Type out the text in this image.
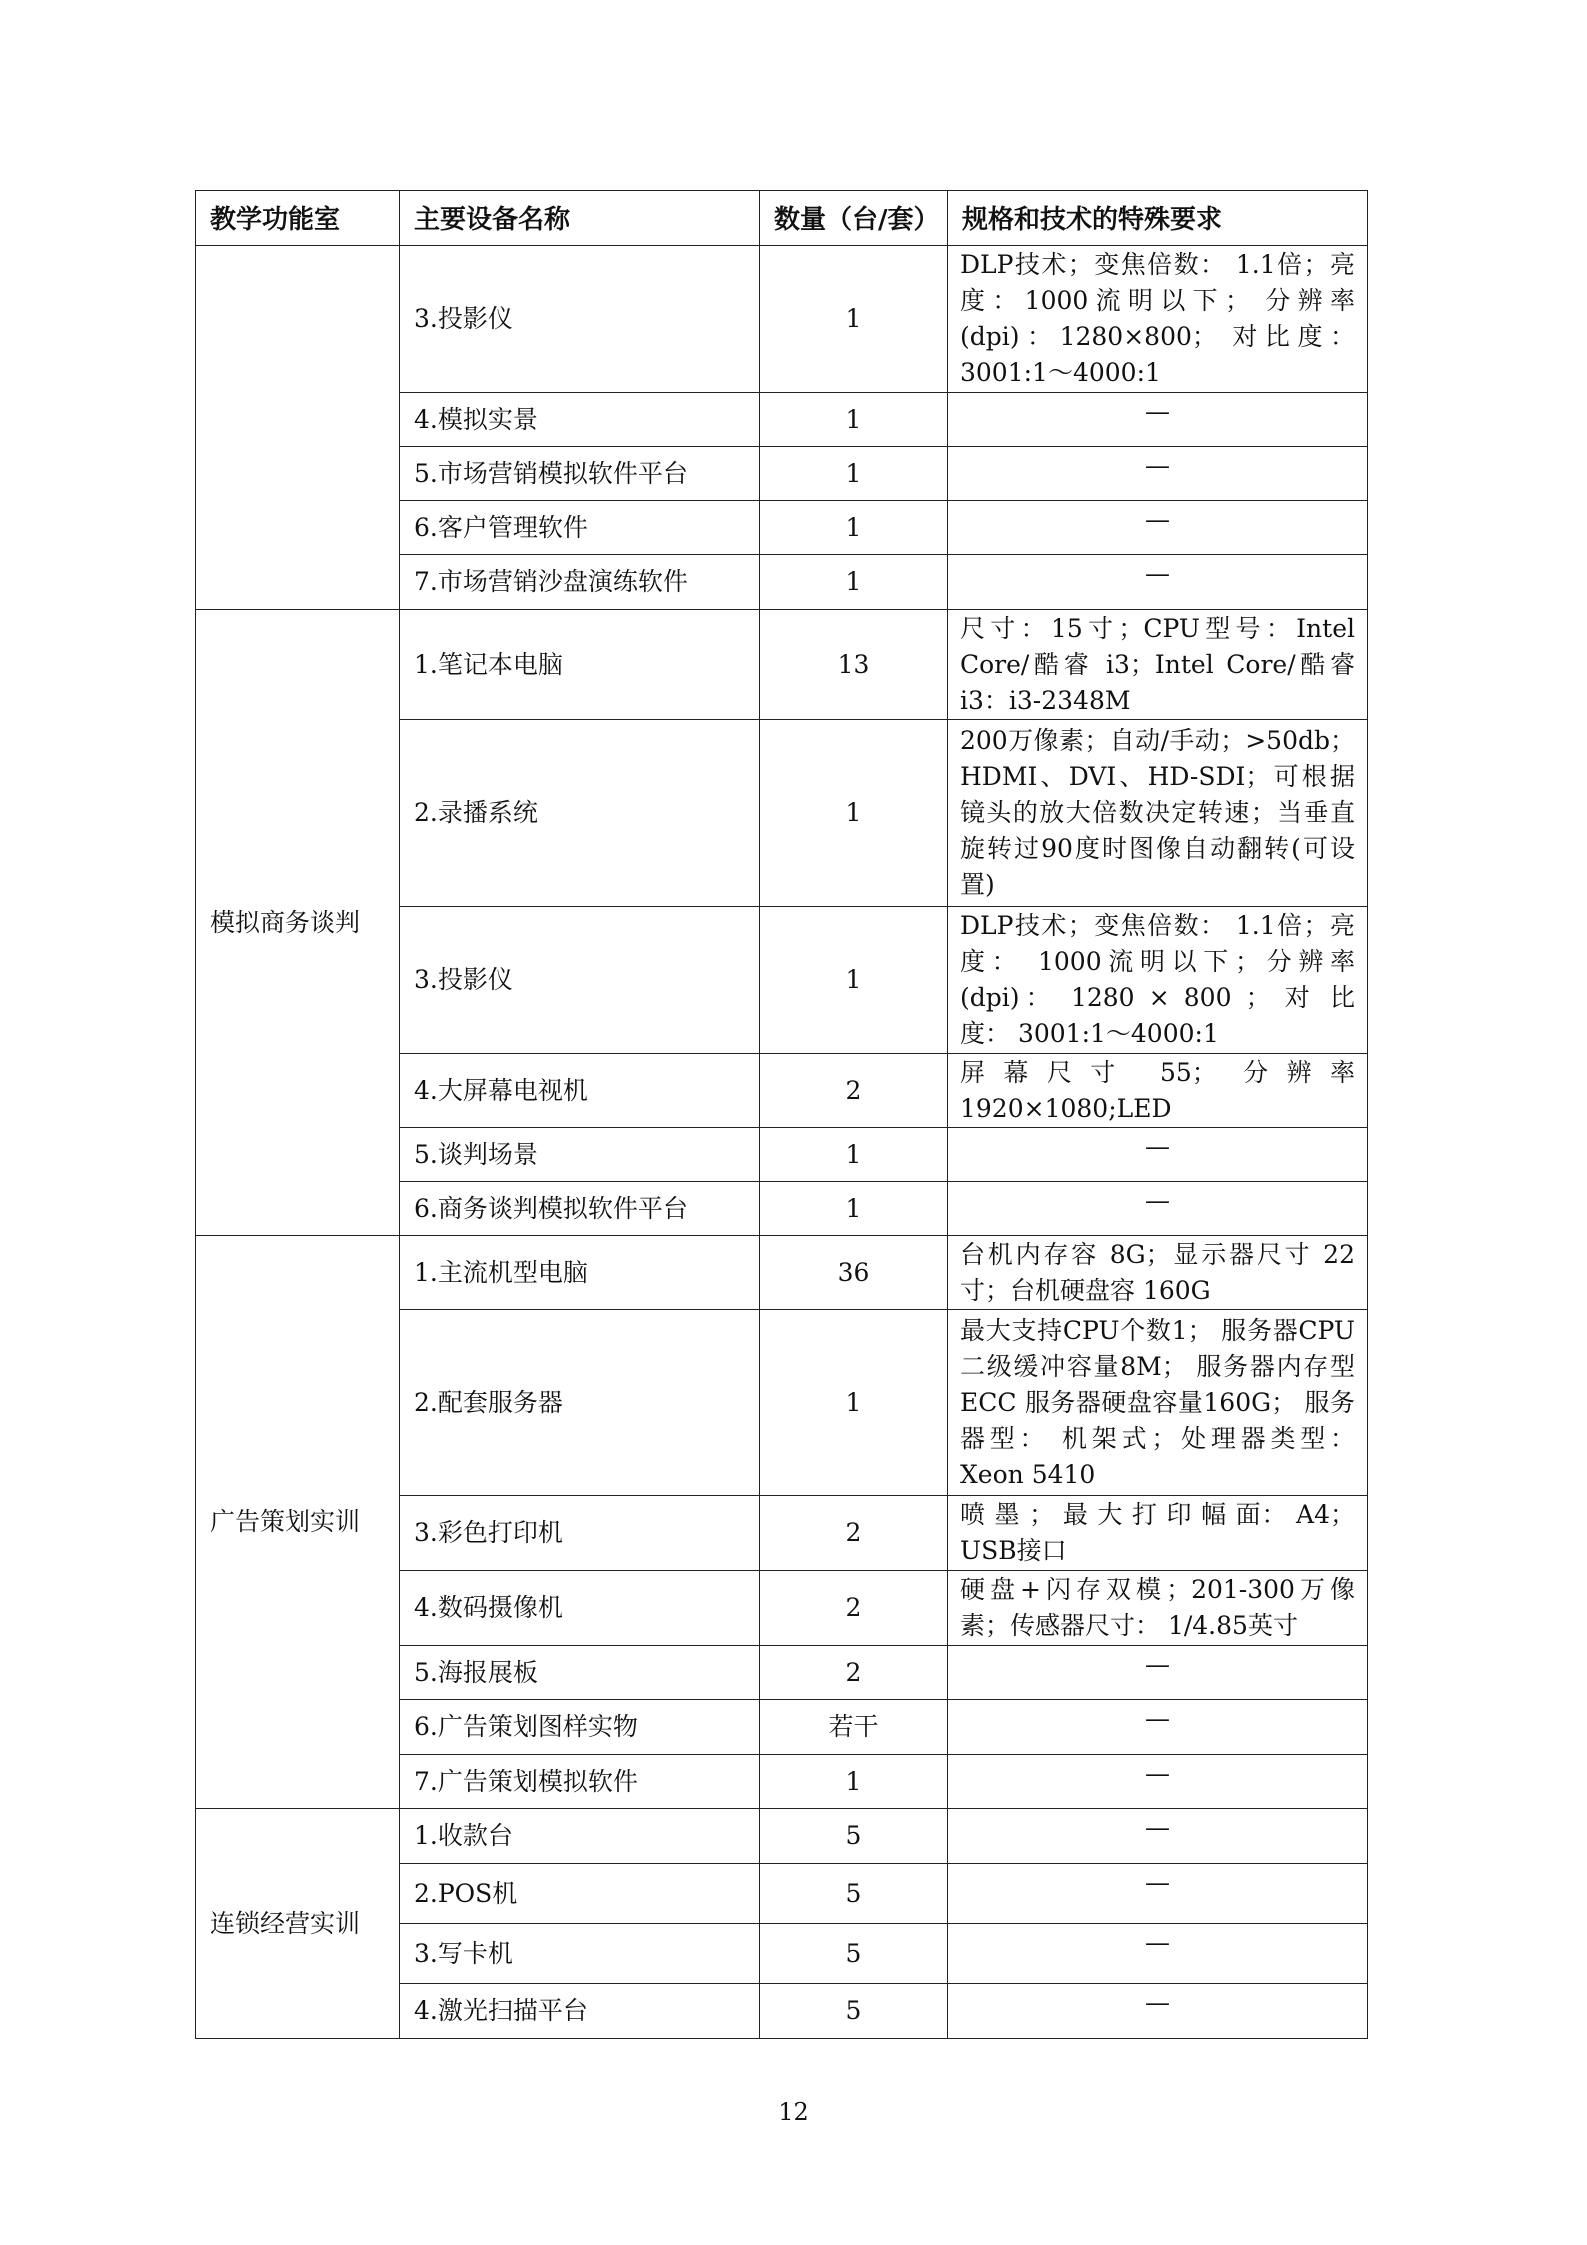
教学功能室	主要设备名称	数量（台/套）	规格和技术的特殊要求
	3.投影仪	1	DLP技术；变焦倍数： 1.1倍；亮度：1000流明以下； 分辨率(dpi)：1280×800； 对比度：3001:1～4000:1
	4.模拟实景	1	—
	5.市场营销模拟软件平台	1	—
	6.客户管理软件	1	—
	7.市场营销沙盘演练软件	1	—
模拟商务谈判	1.笔记本电脑	13	尺寸：15寸；CPU型号：Intel Core/酷睿 i3；Intel Core/酷睿 i3：i3-2348M
	2.录播系统	1	200万像素；自动/手动；>50db；HDMI、DVI、HD-SDI；可根据镜头的放大倍数决定转速；当垂直旋转过90度时图像自动翻转(可设置)
	3.投影仪	1	DLP技术；变焦倍数： 1.1倍；亮度： 1000流明以下；分辨率(dpi)： 1280 × 800 ； 对 比 度： 3001:1～4000:1
	4.大屏幕电视机	2	屏幕尺寸 55； 分辨率 1920×1080;LED
	5.谈判场景	1	—
	6.商务谈判模拟软件平台	1	—
广告策划实训	1.主流机型电脑	36	台机内存容 8G；显示器尺寸 22寸；台机硬盘容 160G
	2.配套服务器	1	最大支持CPU个数1； 服务器CPU二级缓冲容量8M； 服务器内存型 ECC 服务器硬盘容量160G； 服务器型： 机架式；处理器类型： Xeon 5410
	3.彩色打印机	2	喷 墨 ； 最 大 打 印 幅 面： A4； USB接口
	4.数码摄像机	2	硬盘+闪存双模；201-300万像素；传感器尺寸： 1/4.85英寸
	5.海报展板	2	—
	6.广告策划图样实物	若干	—
	7.广告策划模拟软件	1	—
连锁经营实训	1.收款台	5	—
	2.POS机	5	—
	3.写卡机	5	—
	4.激光扫描平台	5	—
12
